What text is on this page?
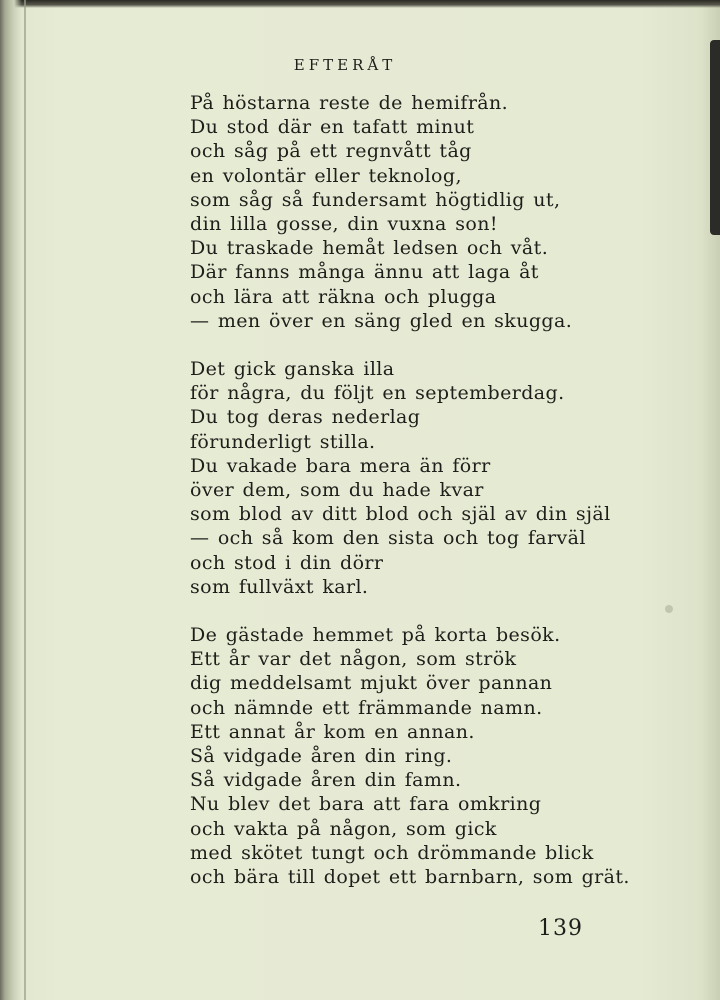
EFTERÅT
På höstarna reste de hemifrån.
Du stod där en tafatt minut
och såg på ett regnvått tåg
en volontär eller teknolog,
som såg så fundersamt högtidlig ut,
din lilla gosse, din vuxna son!
Du traskade hemåt ledsen och våt.
Där fanns många ännu att laga åt
och lära att räkna och plugga
— men över en säng gled en skugga.
Det gick ganska illa
för några, du följt en septemberdag.
Du tog deras nederlag
förunderligt stilla.
Du vakade bara mera än förr
över dem, som du hade kvar
som blod av ditt blod och själ av din själ
— och så kom den sista och tog farväl
och stod i din dörr
som fullväxt karl.
De gästade hemmet på korta besök.
Ett år var det någon, som strök
dig meddelsamt mjukt över pannan
och nämnde ett främmande namn.
Ett annat år kom en annan.
Så vidgade åren din ring.
Så vidgade åren din famn.
Nu blev det bara att fara omkring
och vakta på någon, som gick
med skötet tungt och drömmande blick
och bära till dopet ett barnbarn, som grät.
139
